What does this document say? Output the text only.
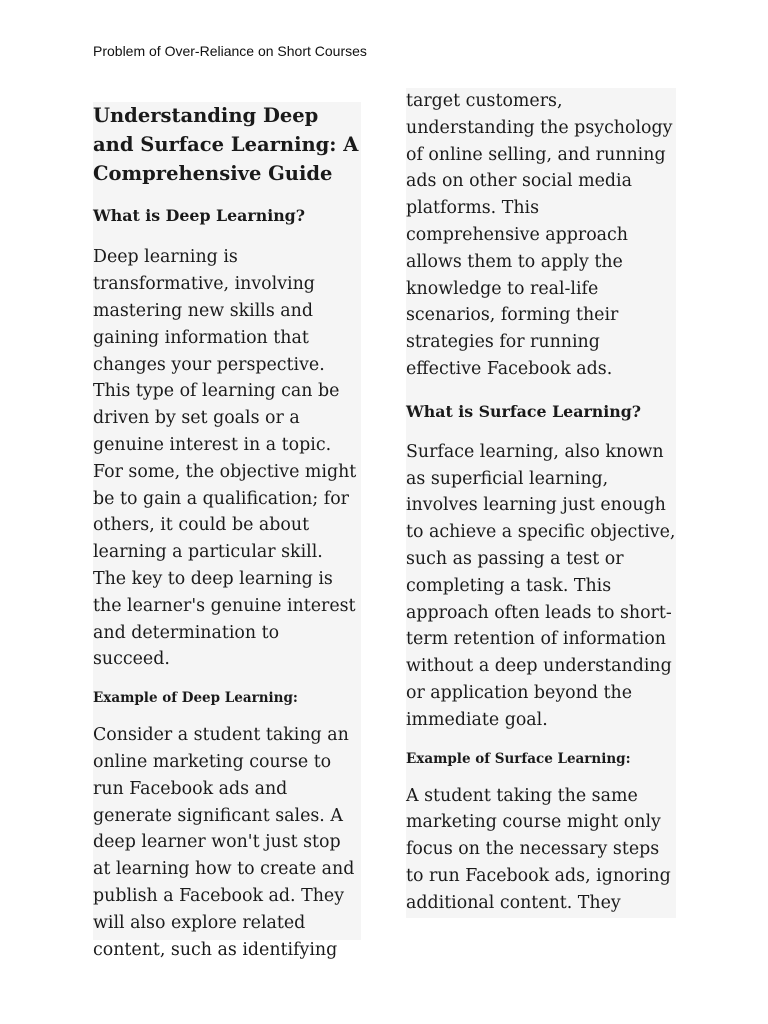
Problem of Over-Reliance on Short Courses
Understanding Deep and Surface Learning: A Comprehensive Guide
What is Deep Learning?

Deep learning is transformative, involving mastering new skills and gaining information that changes your perspective. This type of learning can be driven by set goals or a genuine interest in a topic. For some, the objective might be to gain a qualification; for others, it could be about learning a particular skill. The key to deep learning is the learner's genuine interest and determination to succeed.

Example of Deep Learning:

Consider a student taking an online marketing course to run Facebook ads and generate significant sales. A deep learner won't just stop at learning how to create and publish a Facebook ad. They will also explore related content, such as identifying

target customers, understanding the psychology of online selling, and running ads on other social media platforms. This comprehensive approach allows them to apply the knowledge to real-life scenarios, forming their strategies for running effective Facebook ads.

What is Surface Learning?

Surface learning, also known as superficial learning, involves learning just enough to achieve a specific objective, such as passing a test or completing a task. This approach often leads to short-term retention of information without a deep understanding or application beyond the immediate goal.

Example of Surface Learning:

A student taking the same marketing course might only focus on the necessary steps to run Facebook ads, ignoring additional content. They
